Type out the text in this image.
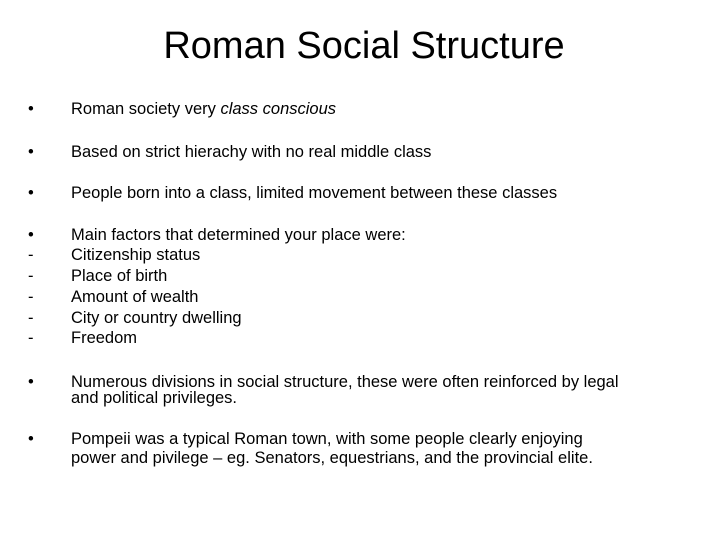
Roman Social Structure
•	Roman society very class conscious
•	Based on strict hierachy with no real middle class
•	People born into a class, limited movement between these classes
•	Main factors that determined your place were:
-	Citizenship status
-	Place of birth
-	Amount of wealth
-	City or country dwelling
-	Freedom
•	Numerous divisions in social structure, these were often reinforced by legal
and political privileges.
•	Pompeii was a typical Roman town, with some people clearly enjoying
power and pivilege – eg. Senators, equestrians, and the provincial elite.
